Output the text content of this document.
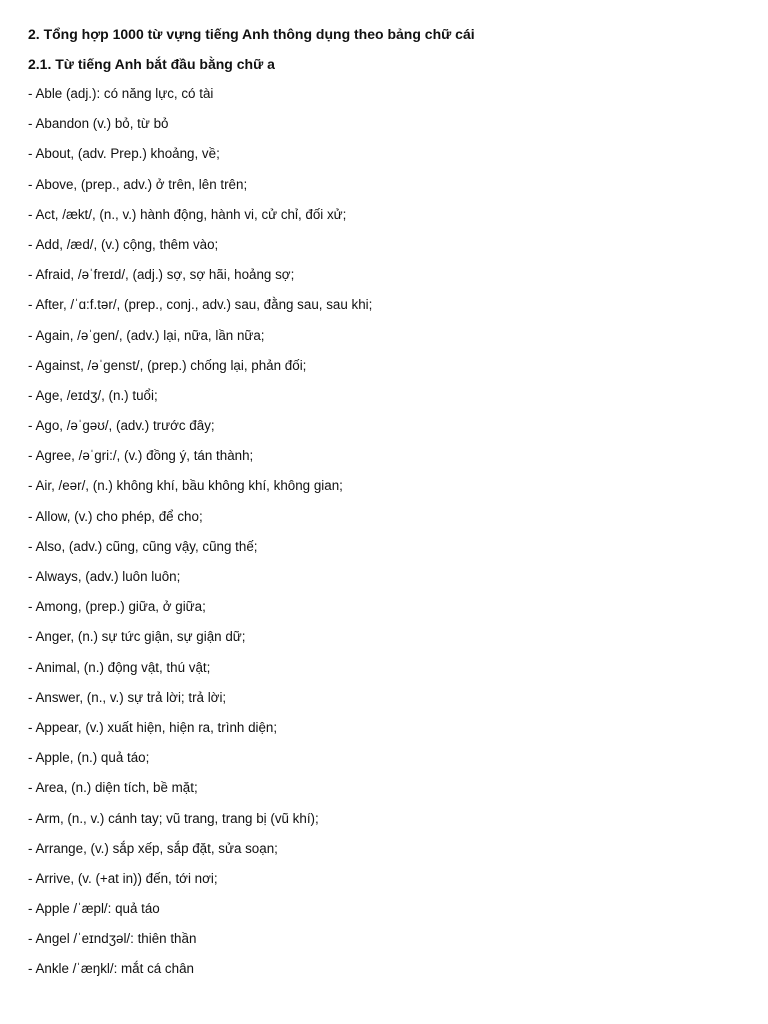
2. Tổng hợp 1000 từ vựng tiếng Anh thông dụng theo bảng chữ cái
2.1. Từ tiếng Anh bắt đầu bằng chữ a
- Able (adj.): có năng lực, có tài
- Abandon (v.) bỏ, từ bỏ
- About, (adv. Prep.) khoảng, về;
- Above, (prep., adv.) ở trên, lên trên;
- Act, /ækt/, (n., v.) hành động, hành vi, cử chỉ, đối xử;
- Add, /æd/, (v.) cộng, thêm vào;
- Afraid, /əˈfreɪd/, (adj.) sợ, sợ hãi, hoảng sợ;
- After, /ˈɑ:f.tər/, (prep., conj., adv.) sau, đằng sau, sau khi;
- Again, /əˈgen/, (adv.) lại, nữa, lần nữa;
- Against, /əˈgenst/, (prep.) chống lại, phản đối;
- Age, /eɪdʒ/, (n.) tuổi;
- Ago, /əˈgəʊ/, (adv.) trước đây;
- Agree, /əˈgri:/, (v.) đồng ý, tán thành;
- Air, /eər/, (n.) không khí, bầu không khí, không gian;
- Allow, (v.) cho phép, để cho;
- Also, (adv.) cũng, cũng vậy, cũng thế;
- Always, (adv.) luôn luôn;
- Among, (prep.) giữa, ở giữa;
- Anger, (n.) sự tức giận, sự giận dữ;
- Animal, (n.) động vật, thú vật;
- Answer, (n., v.) sự trả lời; trả lời;
- Appear, (v.) xuất hiện, hiện ra, trình diện;
- Apple, (n.) quả táo;
- Area, (n.) diện tích, bề mặt;
- Arm, (n., v.) cánh tay; vũ trang, trang bị (vũ khí);
- Arrange, (v.) sắp xếp, sắp đặt, sửa soạn;
- Arrive, (v. (+at in)) đến, tới nơi;
- Apple /ˈæpl/: quả táo
- Angel /ˈeɪndʒəl/: thiên thần
- Ankle /ˈæŋkl/: mắt cá chân
